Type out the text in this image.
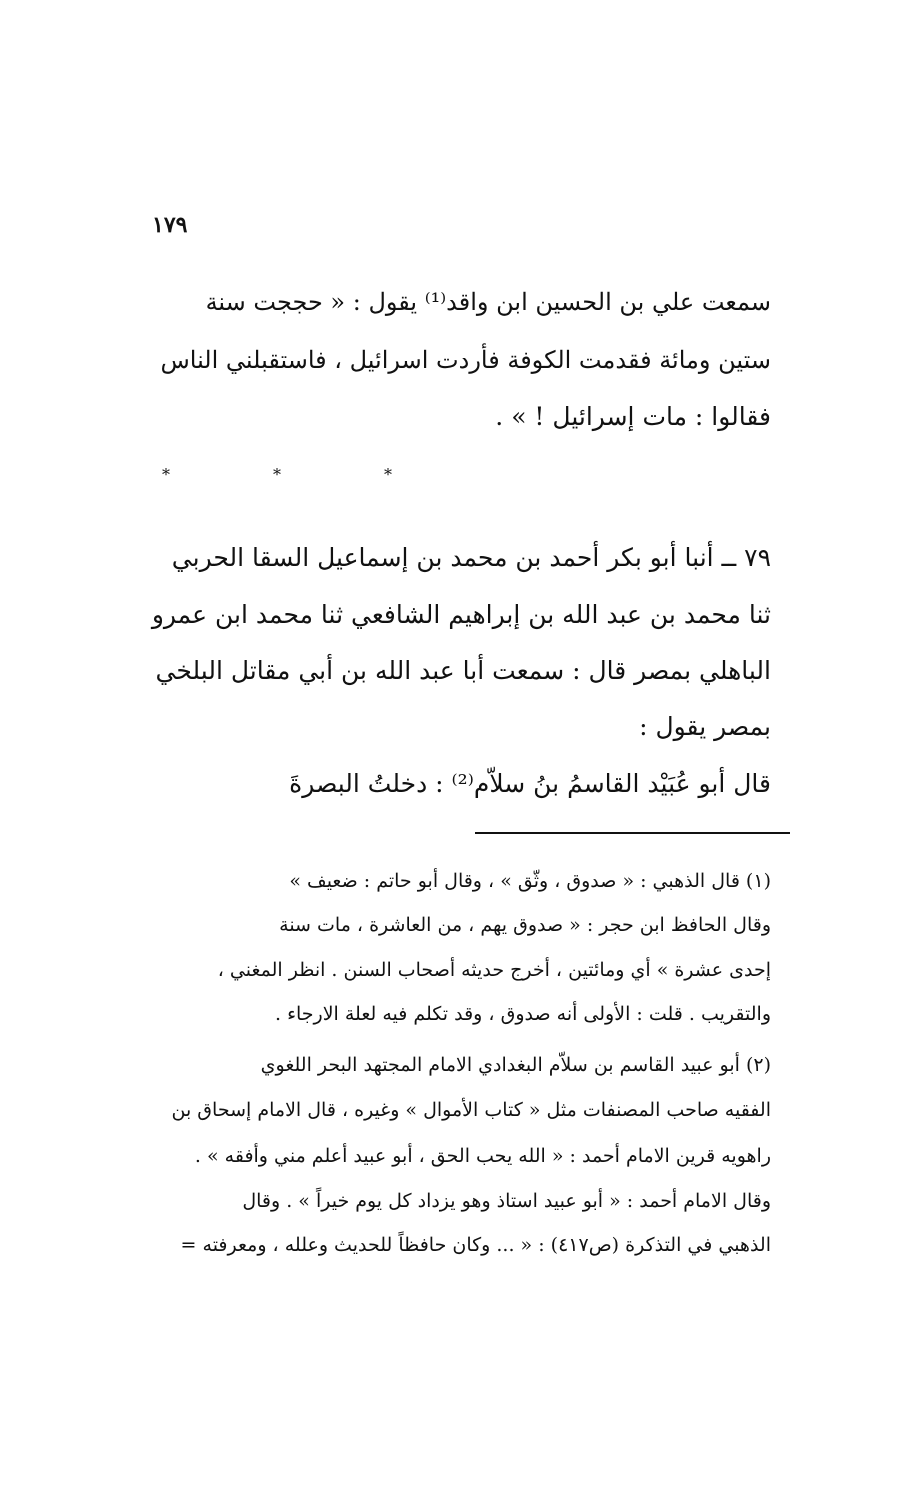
١٧٩
سمعت علي بن الحسين ابن واقد⁽¹⁾ يقول : « حججت سنة
ستين ومائة فقدمت الكوفة فأردت اسرائيل ، فاستقبلني الناس
فقالوا : مات إسرائيل ! » .
*	*	*
٧٩ ــ أنبا أبو بكر أحمد بن محمد بن إسماعيل السقا الحربي
ثنا محمد بن عبد الله بن إبراهيم الشافعي ثنا محمد ابن عمرو
الباهلي بمصر قال : سمعت أبا عبد الله بن أبي مقاتل البلخي
بمصر يقول :
قال أبو عُبَيْد القاسمُ بنُ سلاّم⁽²⁾ : دخلتُ البصرةَ
(١) قال الذهبي : « صدوق ، وثّق » ، وقال أبو حاتم : ضعيف »
وقال الحافظ ابن حجر : « صدوق يهم ، من العاشرة ، مات سنة
إحدى عشرة » أي ومائتين ، أخرج حديثه أصحاب السنن . انظر المغني ،
والتقريب . قلت : الأولى أنه صدوق ، وقد تكلم فيه لعلة الارجاء .
(٢) أبو عبيد القاسم بن سلاّم البغدادي الامام المجتهد البحر اللغوي
الفقيه صاحب المصنفات مثل « كتاب الأموال » وغيره ، قال الامام إسحاق بن
راهويه قرين الامام أحمد : « الله يحب الحق ، أبو عبيد أعلم مني وأفقه » .
وقال الامام أحمد : « أبو عبيد استاذ وهو يزداد كل يوم خيراً » . وقال
الذهبي في التذكرة (ص٤١٧) : « ... وكان حافظاً للحديث وعلله ، ومعرفته =
